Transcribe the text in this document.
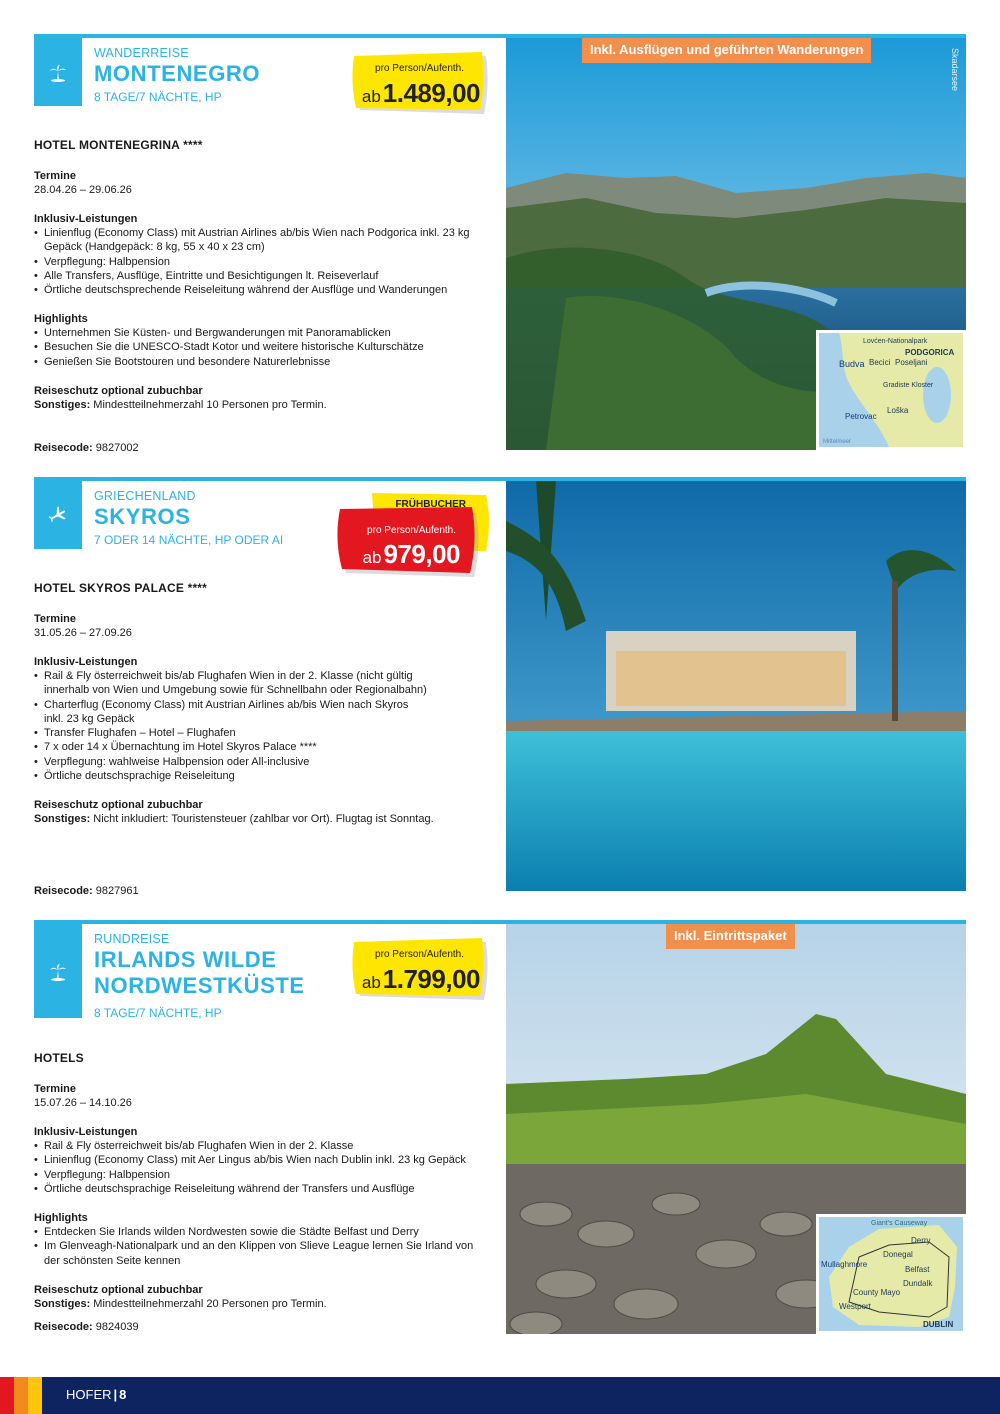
WANDERREISE
MONTENEGRO
8 TAGE/7 NÄCHTE, HP
pro Person/Aufenth.
ab 1.489,00
HOTEL MONTENEGRINA ****
Termine
28.04.26 – 29.06.26
Inklusiv-Leistungen
• Linienflug (Economy Class) mit Austrian Airlines ab/bis Wien nach Podgorica inkl. 23 kg Gepäck (Handgepäck: 8 kg, 55 x 40 x 23 cm)
• Verpflegung: Halbpension
• Alle Transfers, Ausflüge, Eintritte und Besichtigungen lt. Reiseverlauf
• Örtliche deutschsprechende Reiseleitung während der Ausflüge und Wanderungen
Highlights
• Unternehmen Sie Küsten- und Bergwanderungen mit Panoramablicken
• Besuchen Sie die UNESCO-Stadt Kotor und weitere historische Kulturschätze
• Genießen Sie Bootstouren und besondere Naturerlebnisse
Reiseschutz optional zubuchbar
Sonstiges: Mindestteilnehmerzahl 10 Personen pro Termin.
Reisecode: 9827002
Inkl. Ausflügen und geführten Wanderungen	Skadarsee
Lovćen-Nationalpark
PODGORICA
Budva Becici Poseljani
Gradiste Kloster
Petrovac
Loška
Mittelmeer
GRIECHENLAND
SKYROS
7 ODER 14 NÄCHTE, HP ODER AI
FRÜHBUCHER
pro Person/Aufenth.
ab 979,00
HOTEL SKYROS PALACE ****
Termine
31.05.26 – 27.09.26
Inklusiv-Leistungen
• Rail & Fly österreichweit bis/ab Flughafen Wien in der 2. Klasse (nicht gültig innerhalb von Wien und Umgebung sowie für Schnellbahn oder Regionalbahn)
• Charterflug (Economy Class) mit Austrian Airlines ab/bis Wien nach Skyros inkl. 23 kg Gepäck
• Transfer Flughafen – Hotel – Flughafen
• 7 x oder 14 x Übernachtung im Hotel Skyros Palace ****
• Verpflegung: wahlweise Halbpension oder All-inclusive
• Örtliche deutschsprachige Reiseleitung
Reiseschutz optional zubuchbar
Sonstiges: Nicht inkludiert: Touristensteuer (zahlbar vor Ort). Flugtag ist Sonntag.
Reisecode: 9827961
RUNDREISE
IRLANDS WILDE
NORDWESTKÜSTE
8 TAGE/7 NÄCHTE, HP
pro Person/Aufenth.
ab 1.799,00
HOTELS
Termine
15.07.26 – 14.10.26
Inklusiv-Leistungen
• Rail & Fly österreichweit bis/ab Flughafen Wien in der 2. Klasse
• Linienflug (Economy Class) mit Aer Lingus ab/bis Wien nach Dublin inkl. 23 kg Gepäck
• Verpflegung: Halbpension
• Örtliche deutschsprachige Reiseleitung während der Transfers und Ausflüge
Highlights
• Entdecken Sie Irlands wilden Nordwesten sowie die Städte Belfast und Derry
• Im Glenveagh-Nationalpark und an den Klippen von Slieve League lernen Sie Irland von der schönsten Seite kennen
Reiseschutz optional zubuchbar
Sonstiges: Mindestteilnehmerzahl 20 Personen pro Termin.
Reisecode: 9824039
Inkl. Eintrittspaket
Giant's Causeway
Derry
Donegal
Mullaghmore
Belfast
Dundalk
County Mayo
Westport
DUBLIN
HOFER | 8
